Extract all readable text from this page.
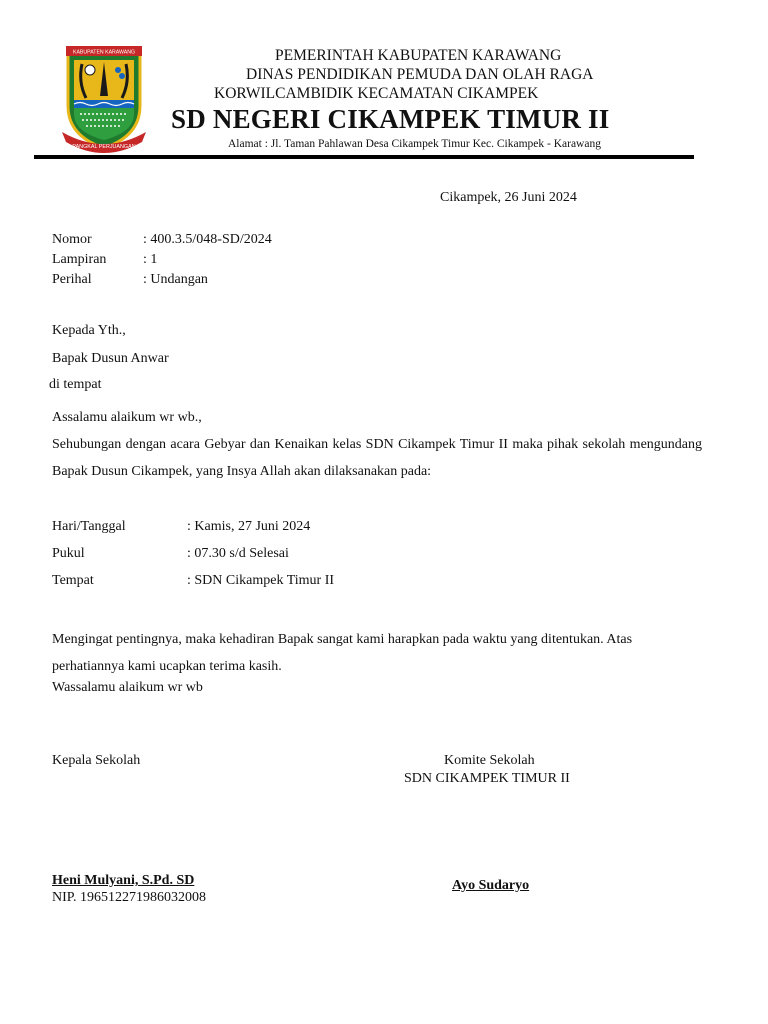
KABUPATEN KARAWANG
PANGKAL PERJUANGAN
PEMERINTAH KABUPATEN KARAWANG
DINAS PENDIDIKAN PEMUDA DAN OLAH RAGA
KORWILCAMBIDIK KECAMATAN CIKAMPEK
SD NEGERI CIKAMPEK TIMUR II
Alamat : Jl. Taman Pahlawan Desa Cikampek Timur Kec. Cikampek - Karawang
Cikampek, 26 Juni 2024
Nomor	: 400.3.5/048-SD/2024
Lampiran	: 1
Perihal	: Undangan
Kepada Yth.,
Bapak Dusun Anwar
di tempat
Assalamu alaikum wr wb.,
Sehubungan dengan acara Gebyar dan Kenaikan kelas SDN Cikampek Timur II maka pihak sekolah mengundang Bapak Dusun Cikampek, yang Insya Allah akan dilaksanakan pada:
Hari/Tanggal	: Kamis, 27 Juni 2024
Pukul	: 07.30 s/d Selesai
Tempat	: SDN Cikampek Timur II
Mengingat pentingnya, maka kehadiran Bapak sangat kami harapkan pada waktu yang ditentukan. Atas perhatiannya kami ucapkan terima kasih.
Wassalamu alaikum wr wb
Kepala Sekolah	Komite Sekolah
SDN CIKAMPEK TIMUR II
Heni Mulyani, S.Pd. SD
NIP. 196512271986032008
Ayo Sudaryo
